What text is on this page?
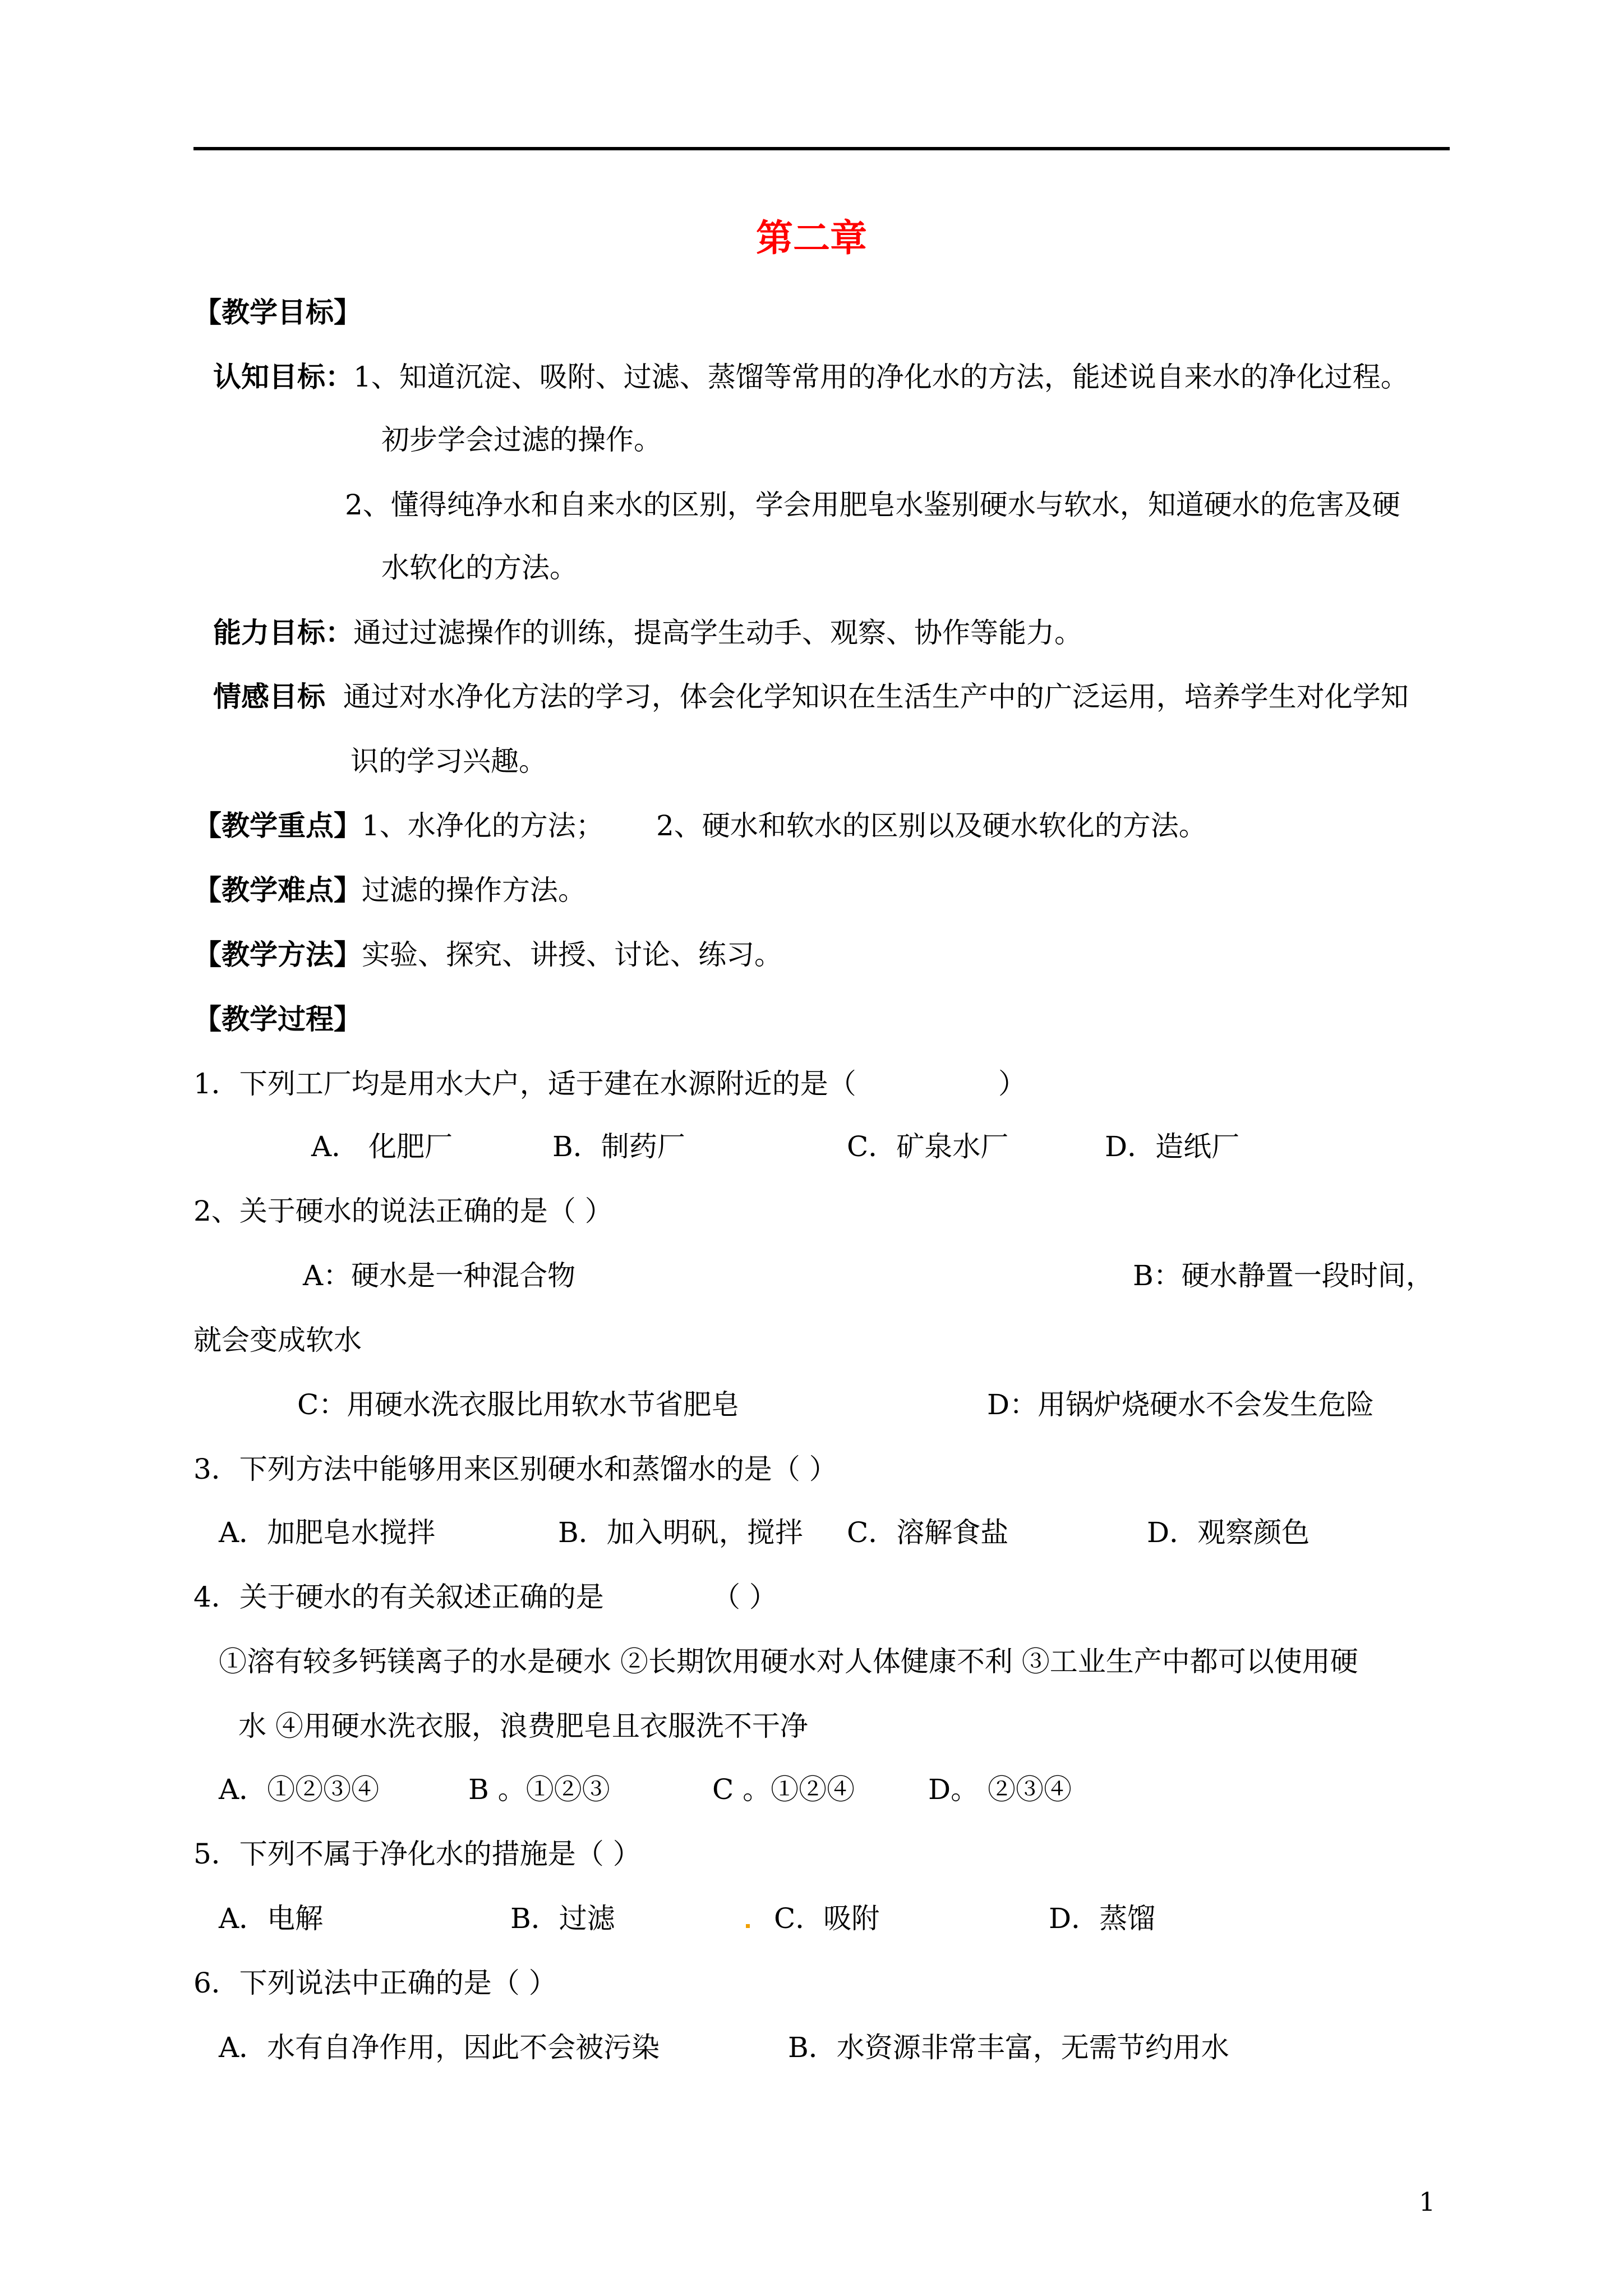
第二章
【教学目标】
认知目标：1、知道沉淀、吸附、过滤、蒸馏等常用的净化水的方法，能述说自来水的净化过程。
初步学会过滤的操作。
2、懂得纯净水和自来水的区别，学会用肥皂水鉴别硬水与软水，知道硬水的危害及硬
水软化的方法。
能力目标：通过过滤操作的训练，提高学生动手、观察、协作等能力。
情感目标 通过对水净化方法的学习，体会化学知识在生活生产中的广泛运用，培养学生对化学知
识的学习兴趣。
【教学重点】1、水净化的方法； 2、硬水和软水的区别以及硬水软化的方法。
【教学难点】过滤的操作方法。
【教学方法】实验、探究、讲授、讨论、练习。
【教学过程】
1．下列工厂均是用水大户，适于建在水源附近的是（	）
A． 化肥厂	B．制药厂	C．矿泉水厂	D．造纸厂
2、关于硬水的说法正确的是（ ）
A：硬水是一种混合物	B：硬水静置一段时间，
就会变成软水
C：用硬水洗衣服比用软水节省肥皂	D：用锅炉烧硬水不会发生危险
3．下列方法中能够用来区别硬水和蒸馏水的是（ ）
A．加肥皂水搅拌	B．加入明矾，搅拌 C．溶解食盐	D．观察颜色
4．关于硬水的有关叙述正确的是	（ ）
①溶有较多钙镁离子的水是硬水 ②长期饮用硬水对人体健康不利 ③工业生产中都可以使用硬
水 ④用硬水洗衣服，浪费肥皂且衣服洗不干净
A．①②③④	B 。①②③	C 。①②④	D。 ②③④
5．下列不属于净化水的措施是（ ）
A．电解	B．过滤	C．吸附	D．蒸馏
6．下列说法中正确的是（ ）
A．水有自净作用，因此不会被污染	B．水资源非常丰富，无需节约用水
1
